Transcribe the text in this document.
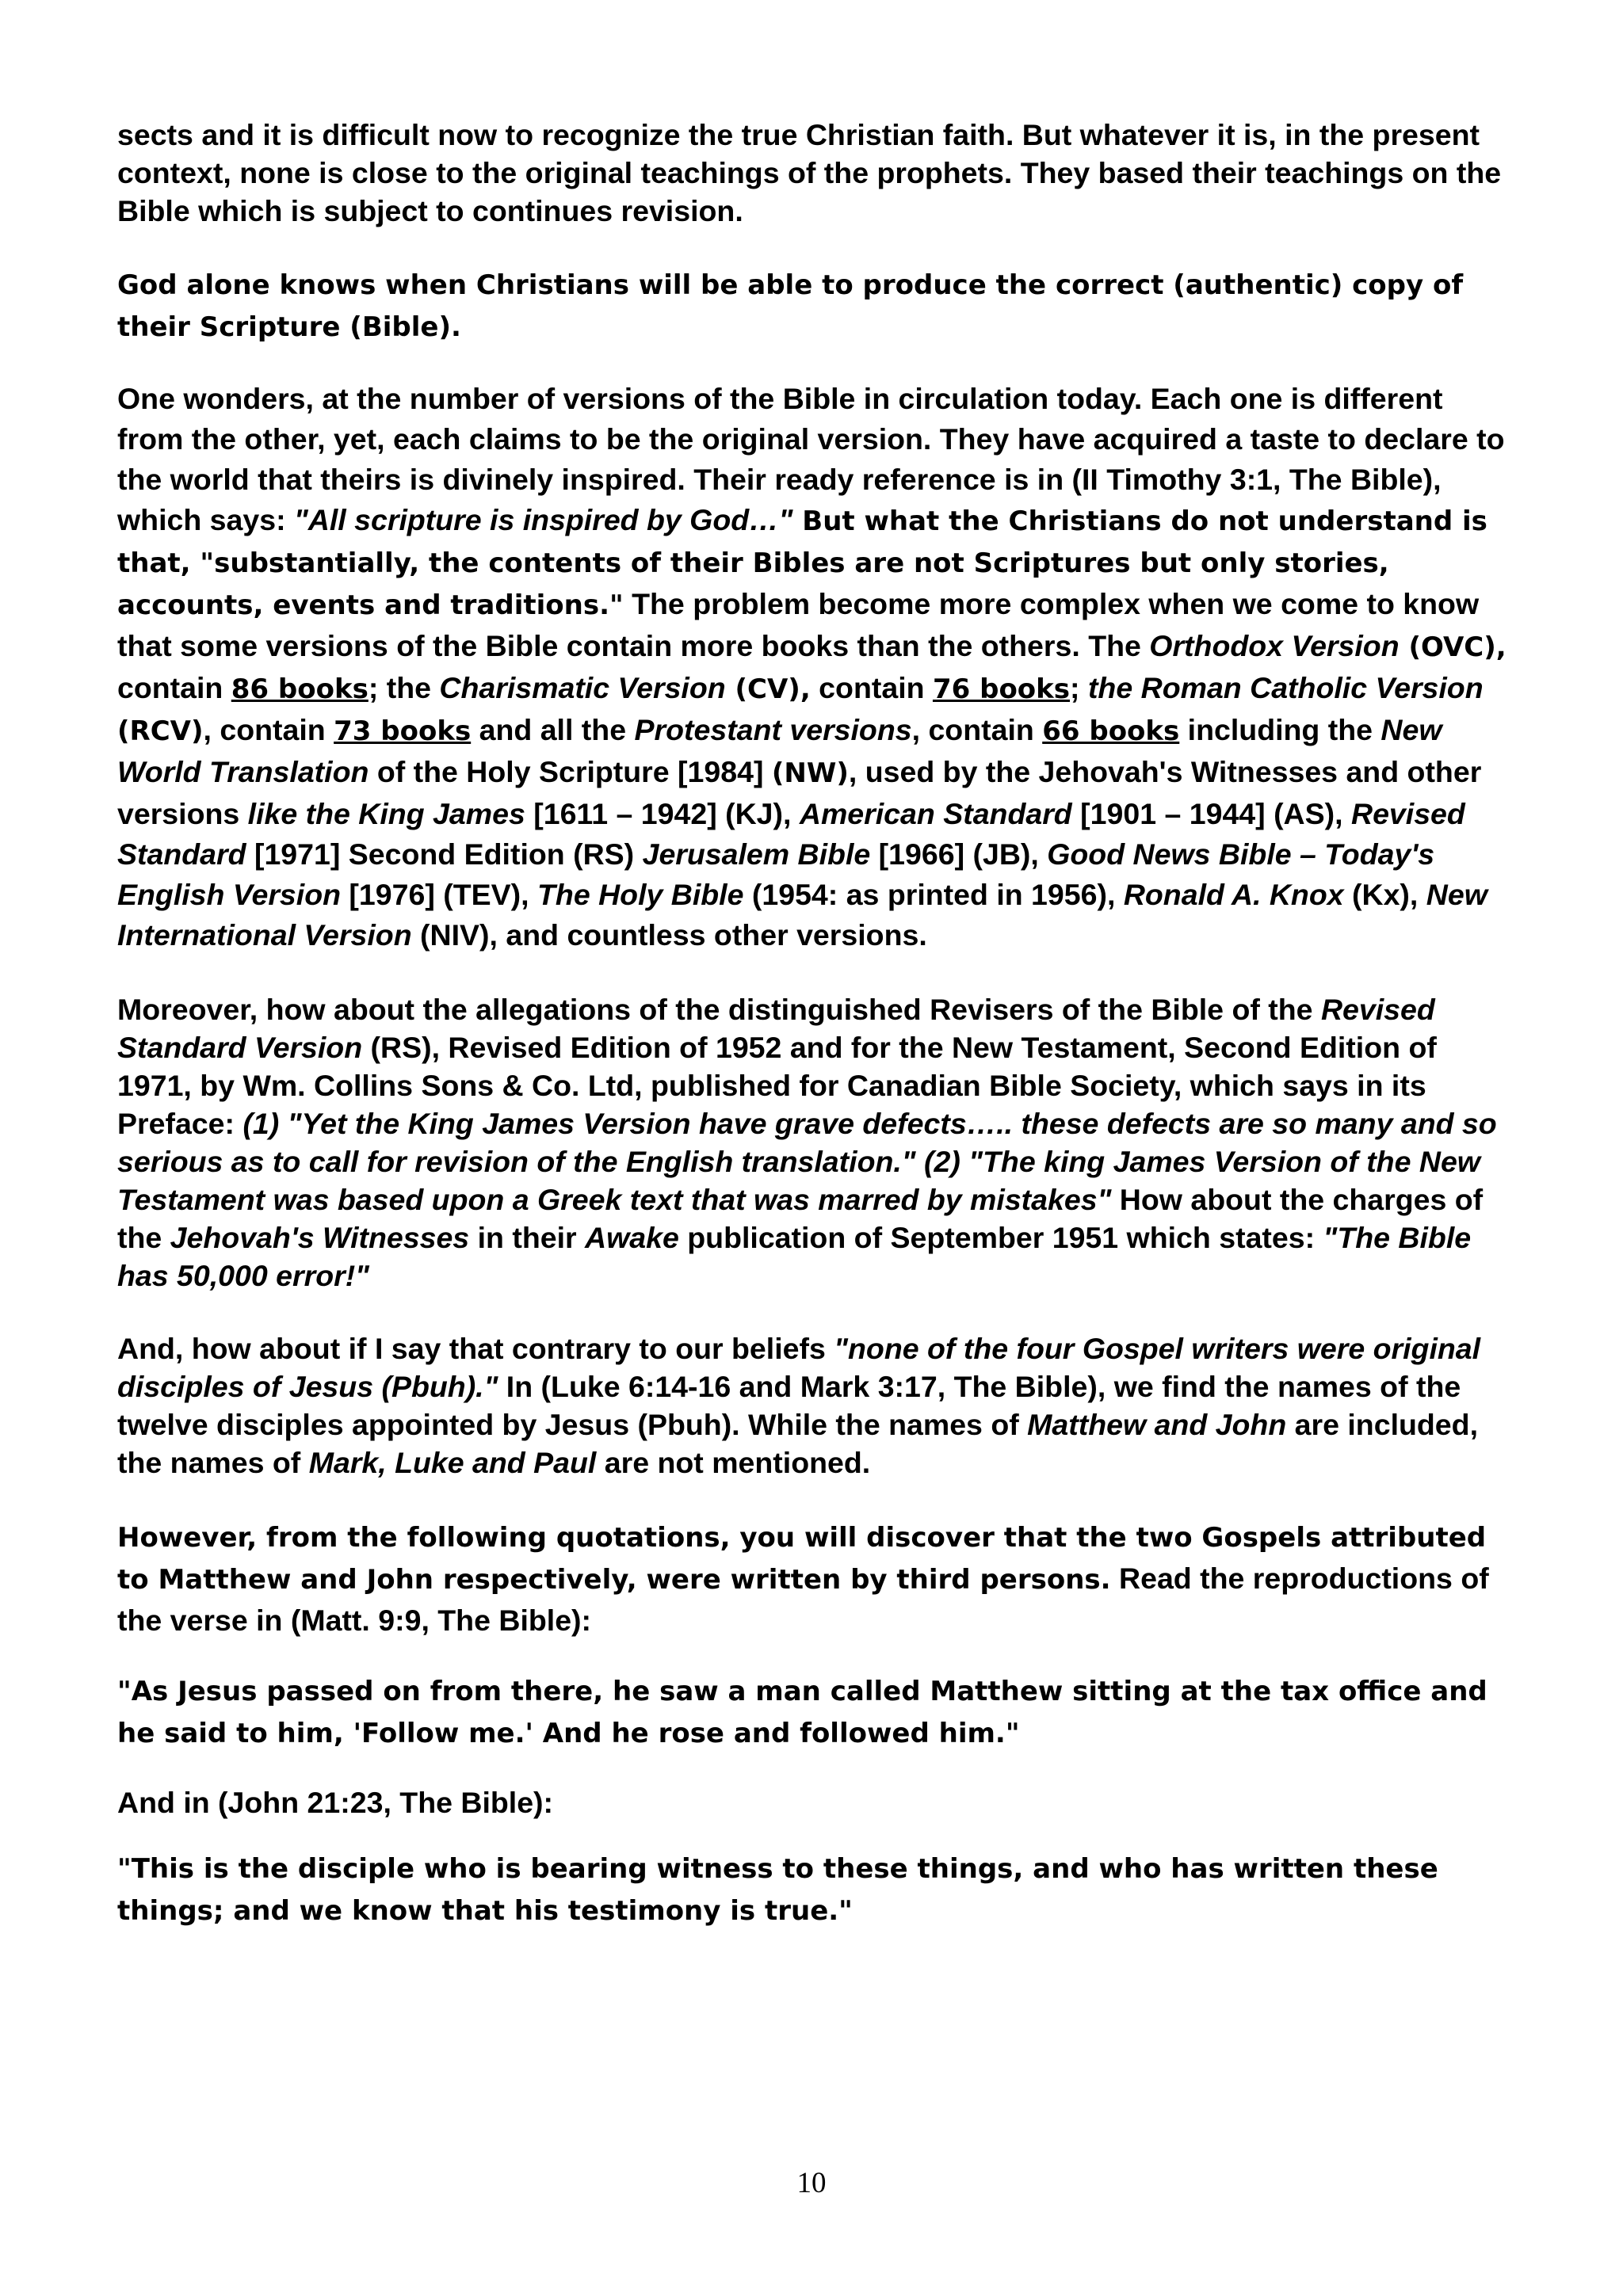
sects and it is difficult now to recognize the true Christian faith. But whatever it is, in the present context, none is close to the original teachings of the prophets. They based their teachings on the Bible which is subject to continues revision.

God alone knows when Christians will be able to produce the correct (authentic) copy of their Scripture (Bible).

One wonders, at the number of versions of the Bible in circulation today. Each one is different from the other, yet, each claims to be the original version. They have acquired a taste to declare to the world that theirs is divinely inspired. Their ready reference is in (II Timothy 3:1, The Bible), which says: "All scripture is inspired by God…" But what the Christians do not understand is that, "substantially, the contents of their Bibles are not Scriptures but only stories, accounts, events and traditions." The problem become more complex when we come to know that some versions of the Bible contain more books than the others. The Orthodox Version (OVC), contain 86 books; the Charismatic Version (CV), contain 76 books; the Roman Catholic Version (RCV), contain 73 books and all the Protestant versions, contain 66 books including the New World Translation of the Holy Scripture [1984] (NW), used by the Jehovah's Witnesses and other versions like the King James [1611 – 1942] (KJ), American Standard [1901 – 1944] (AS), Revised Standard [1971] Second Edition (RS) Jerusalem Bible [1966] (JB), Good News Bible – Today's English Version [1976] (TEV), The Holy Bible (1954: as printed in 1956), Ronald A. Knox (Kx), New International Version (NIV), and countless other versions.

Moreover, how about the allegations of the distinguished Revisers of the Bible of the Revised Standard Version (RS), Revised Edition of 1952 and for the New Testament, Second Edition of 1971, by Wm. Collins Sons & Co. Ltd, published for Canadian Bible Society, which says in its Preface: (1) "Yet the King James Version have grave defects….. these defects are so many and so serious as to call for revision of the English translation." (2) "The king James Version of the New Testament was based upon a Greek text that was marred by mistakes" How about the charges of the Jehovah's Witnesses in their Awake publication of September 1951 which states: "The Bible has 50,000 error!"

And, how about if I say that contrary to our beliefs "none of the four Gospel writers were original disciples of Jesus (Pbuh)." In (Luke 6:14-16 and Mark 3:17, The Bible), we find the names of the twelve disciples appointed by Jesus (Pbuh). While the names of Matthew and John are included, the names of Mark, Luke and Paul are not mentioned.

However, from the following quotations, you will discover that the two Gospels attributed to Matthew and John respectively, were written by third persons. Read the reproductions of the verse in (Matt. 9:9, The Bible):

"As Jesus passed on from there, he saw a man called Matthew sitting at the tax office and he said to him, 'Follow me.' And he rose and followed him."

And in (John 21:23, The Bible):

"This is the disciple who is bearing witness to these things, and who has written these things; and we know that his testimony is true."

10
